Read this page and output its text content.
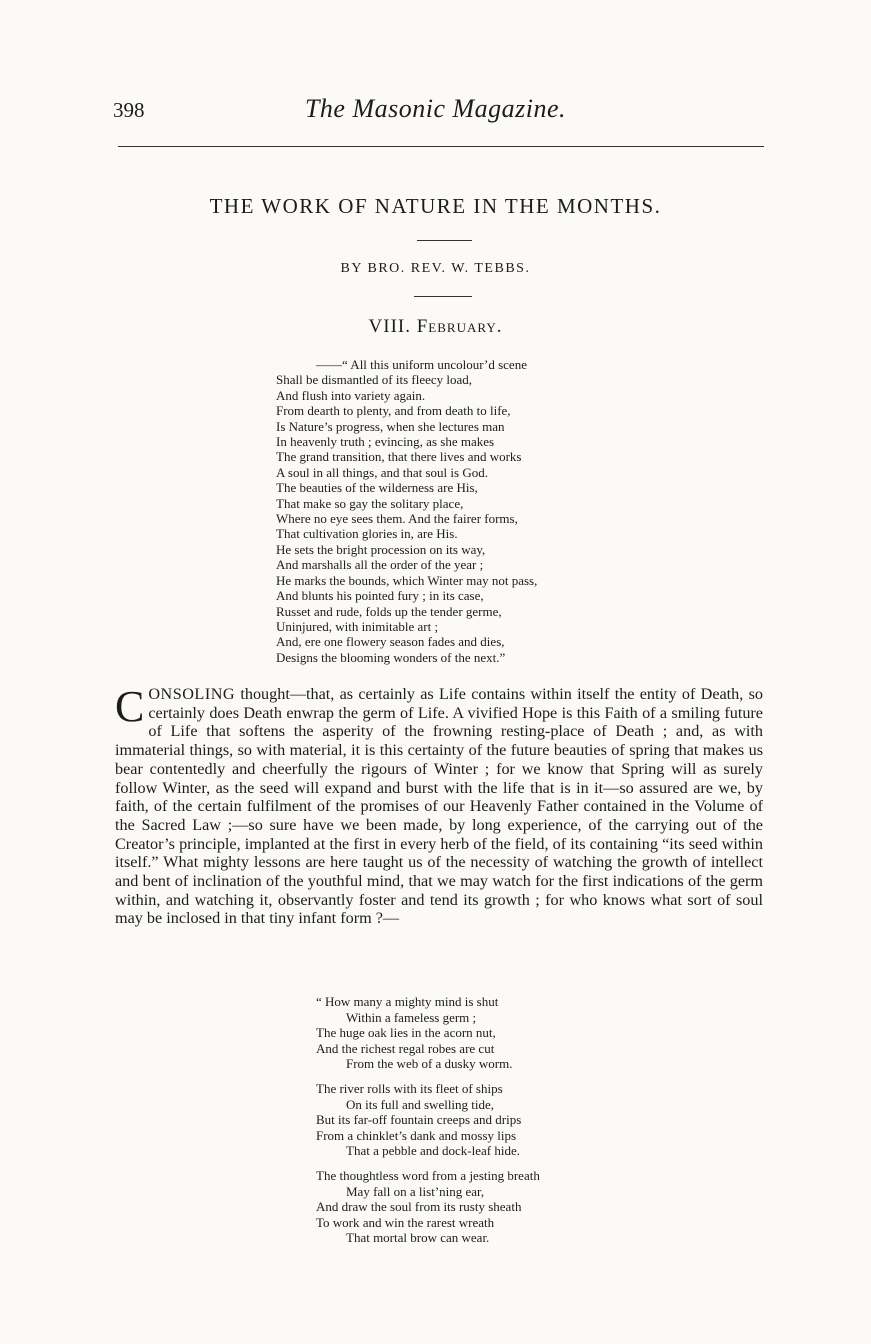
398	The Masonic Magazine.
THE WORK OF NATURE IN THE MONTHS.
BY BRO. REV. W. TEBBS.
VIII. February.
——“ All this uniform uncolour’d scene
Shall be dismantled of its fleecy load,
And flush into variety again.
From dearth to plenty, and from death to life,
Is Nature’s progress, when she lectures man
In heavenly truth ; evincing, as she makes
The grand transition, that there lives and works
A soul in all things, and that soul is God.
The beauties of the wilderness are His,
That make so gay the solitary place,
Where no eye sees them. And the fairer forms,
That cultivation glories in, are His.
He sets the bright procession on its way,
And marshalls all the order of the year ;
He marks the bounds, which Winter may not pass,
And blunts his pointed fury ; in its case,
Russet and rude, folds up the tender germe,
Uninjured, with inimitable art ;
And, ere one flowery season fades and dies,
Designs the blooming wonders of the next.”

CONSOLING thought—that, as certainly as Life contains within itself the entity of Death, so certainly does Death enwrap the germ of Life. A vivified Hope is this Faith of a smiling future of Life that softens the asperity of the frowning resting-place of Death ; and, as with immaterial things, so with material, it is this certainty of the future beauties of spring that makes us bear contentedly and cheerfully the rigours of Winter ; for we know that Spring will as surely follow Winter, as the seed will expand and burst with the life that is in it—so assured are we, by faith, of the certain fulfilment of the promises of our Heavenly Father contained in the Volume of the Sacred Law ;—so sure have we been made, by long experience, of the carrying out of the Creator’s principle, implanted at the first in every herb of the field, of its containing “its seed within itself.” What mighty lessons are here taught us of the necessity of watching the growth of intellect and bent of inclination of the youthful mind, that we may watch for the first indications of the germ within, and watching it, observantly foster and tend its growth ; for who knows what sort of soul may be inclosed in that tiny infant form ?—

“ How many a mighty mind is shut
Within a fameless germ ;
The huge oak lies in the acorn nut,
And the richest regal robes are cut
From the web of a dusky worm.
The river rolls with its fleet of ships
On its full and swelling tide,
But its far-off fountain creeps and drips
From a chinklet’s dank and mossy lips
That a pebble and dock-leaf hide.
The thoughtless word from a jesting breath
May fall on a list’ning ear,
And draw the soul from its rusty sheath
To work and win the rarest wreath
That mortal brow can wear.
